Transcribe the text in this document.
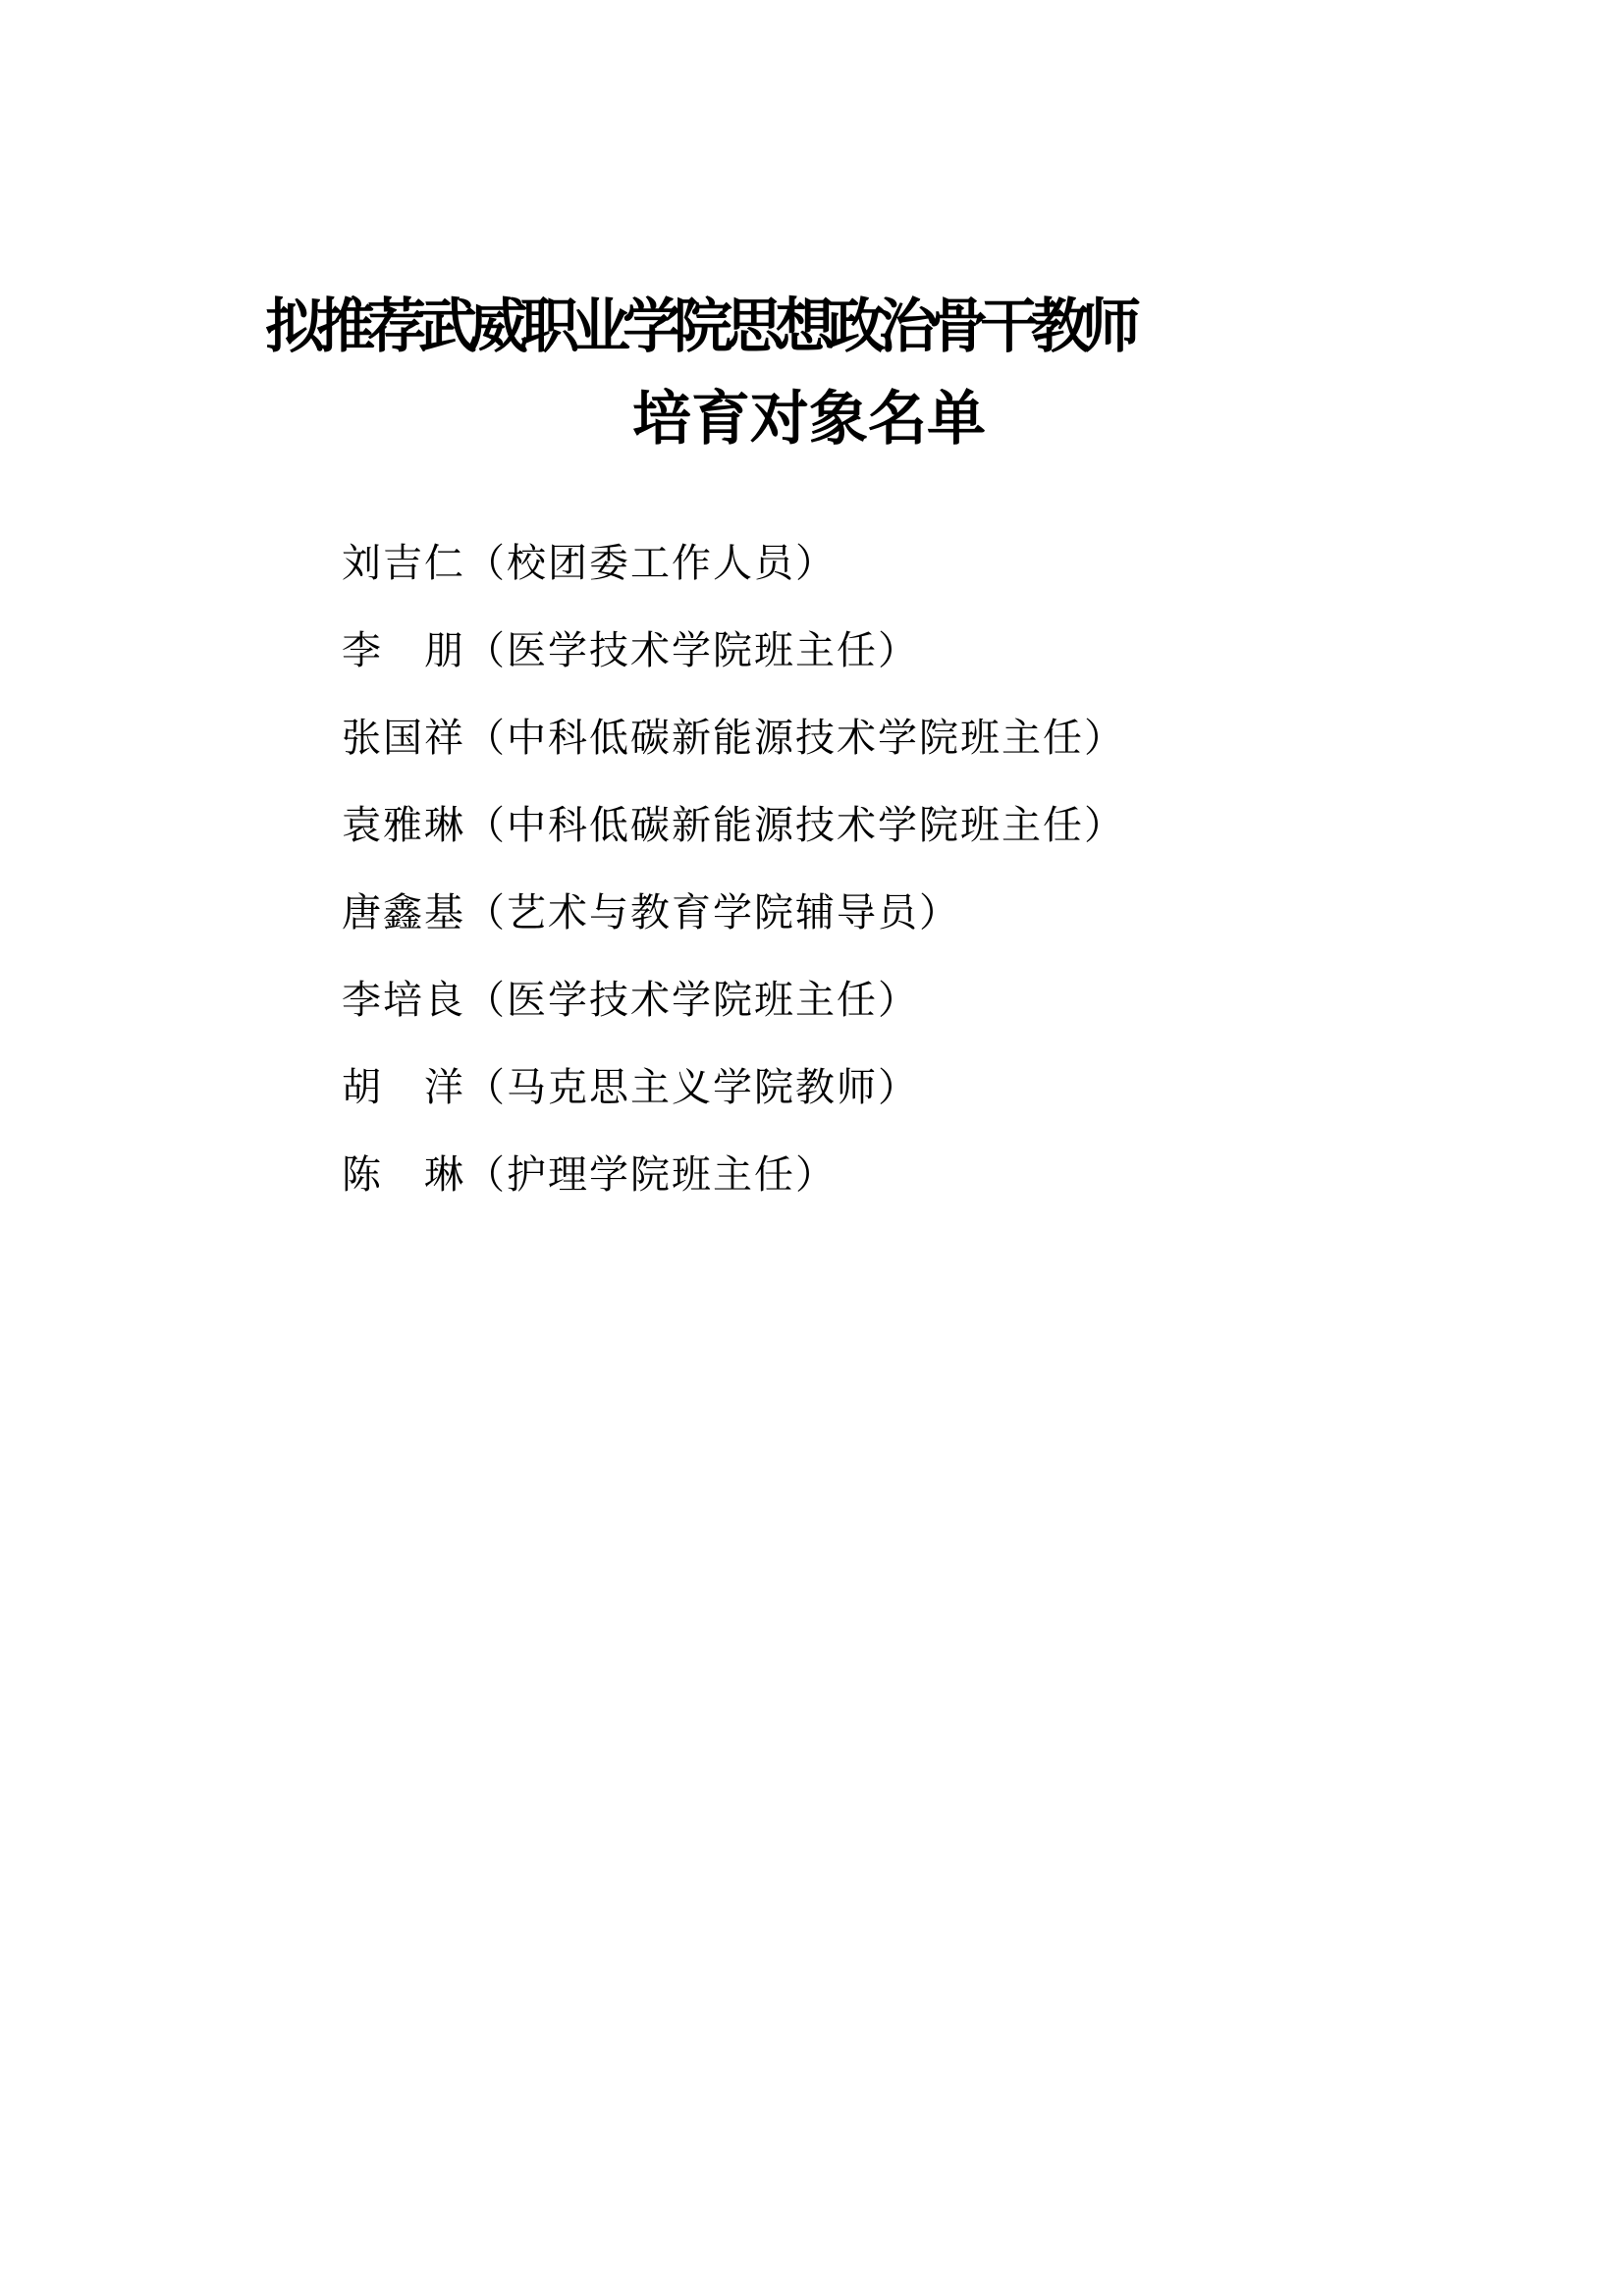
拟推荐武威职业学院思想政治骨干教师
培育对象名单
刘吉仁（校团委工作人员）
李　朋（医学技术学院班主任）
张国祥（中科低碳新能源技术学院班主任）
袁雅琳（中科低碳新能源技术学院班主任）
唐鑫基（艺术与教育学院辅导员）
李培良（医学技术学院班主任）
胡　洋（马克思主义学院教师）
陈　琳（护理学院班主任）
